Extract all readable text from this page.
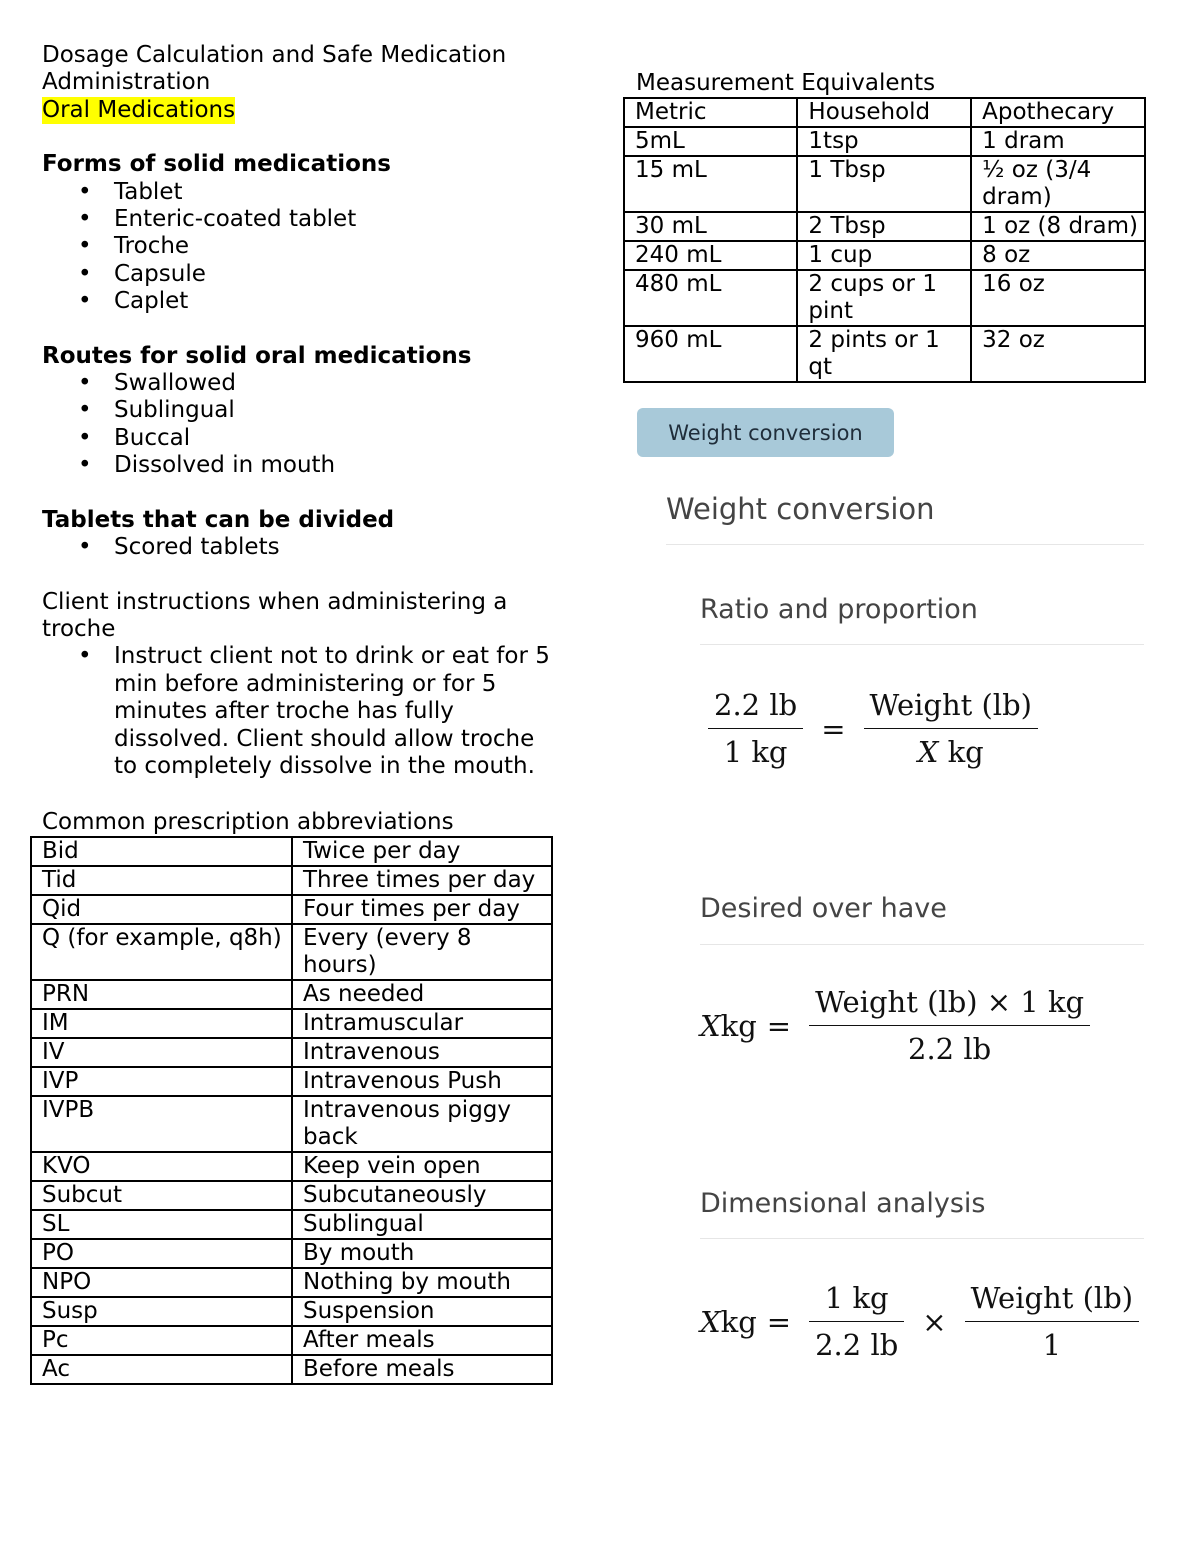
Dosage Calculation and Safe Medication
Administration
Oral Medications
Forms of solid medications
• Tablet
• Enteric-coated tablet
• Troche
• Capsule
• Caplet
Routes for solid oral medications
• Swallowed
• Sublingual
• Buccal
• Dissolved in mouth
Tablets that can be divided
• Scored tablets
Client instructions when administering a troche
• Instruct client not to drink or eat for 5 min before administering or for 5 minutes after troche has fully dissolved. Client should allow troche to completely dissolve in the mouth.
Common prescription abbreviations
Bid	Twice per day
Tid	Three times per day
Qid	Four times per day
Q (for example, q8h)	Every (every 8 hours)
PRN	As needed
IM	Intramuscular
IV	Intravenous
IVP	Intravenous Push
IVPB	Intravenous piggy back
KVO	Keep vein open
Subcut	Subcutaneously
SL	Sublingual
PO	By mouth
NPO	Nothing by mouth
Susp	Suspension
Pc	After meals
Ac	Before meals
Measurement Equivalents
Metric	Household	Apothecary
5mL	1tsp	1 dram
15 mL	1 Tbsp	½ oz (3/4 dram)
30 mL	2 Tbsp	1 oz (8 dram)
240 mL	1 cup	8 oz
480 mL	2 cups or 1 pint	16 oz
960 mL	2 pints or 1 qt	32 oz
Weight conversion
Weight conversion
Ratio and proportion
$\frac{2.2 lb}{1 kg} = \frac{\text{Weight (lb)}}{\text{X kg}}$
Desired over have
X kg = $\frac{\text{Weight (lb) × 1 kg}}{2.2 lb}$
Dimensional analysis
X kg = $\frac{1 kg}{2.2 lb} \times \frac{\text{Weight (lb)}}{1}$
